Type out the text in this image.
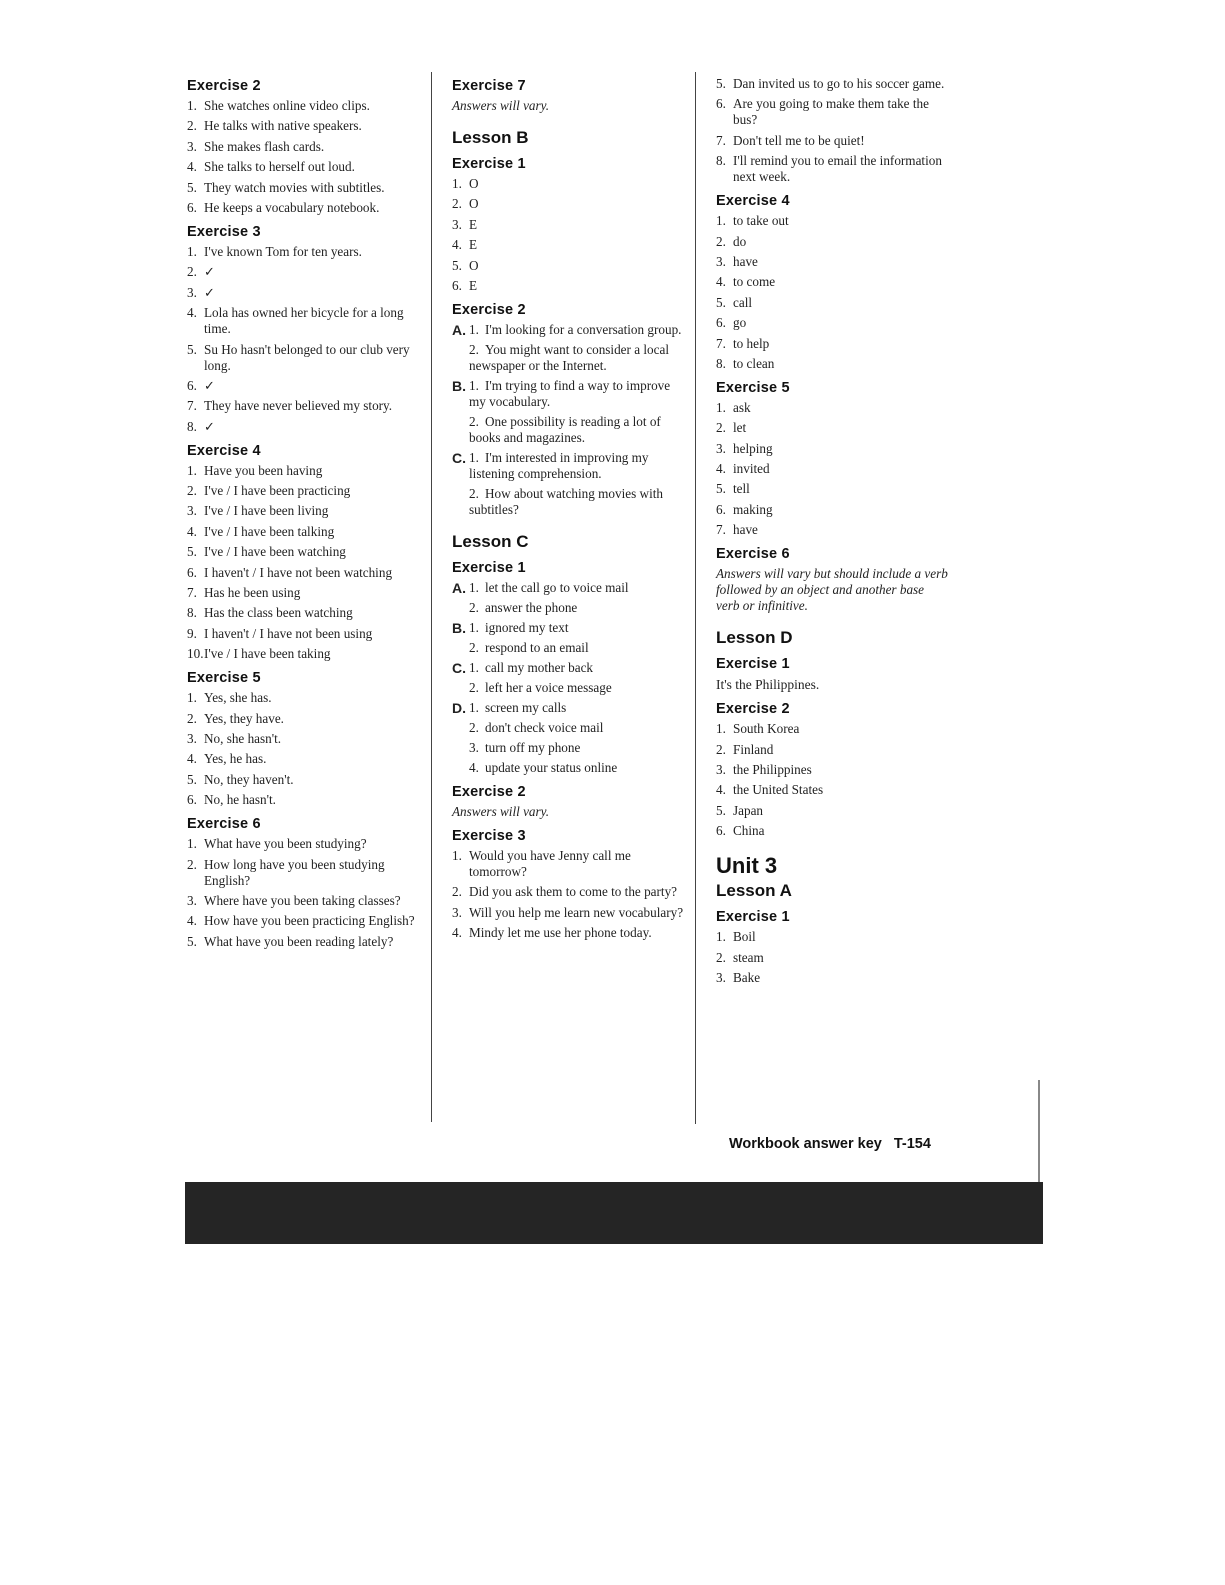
Exercise 2
1. She watches online video clips.
2. He talks with native speakers.
3. She makes flash cards.
4. She talks to herself out loud.
5. They watch movies with subtitles.
6. He keeps a vocabulary notebook.
Exercise 3
1. I've known Tom for ten years.
2. ✓
3. ✓
4. Lola has owned her bicycle for a long time.
5. Su Ho hasn't belonged to our club very long.
6. ✓
7. They have never believed my story.
8. ✓
Exercise 4
1. Have you been having
2. I've / I have been practicing
3. I've / I have been living
4. I've / I have been talking
5. I've / I have been watching
6. I haven't / I have not been watching
7. Has he been using
8. Has the class been watching
9. I haven't / I have not been using
10.I've / I have been taking
Exercise 5
1. Yes, she has.
2. Yes, they have.
3. No, she hasn't.
4. Yes, he has.
5. No, they haven't.
6. No, he hasn't.
Exercise 6
1. What have you been studying?
2. How long have you been studying English?
3. Where have you been taking classes?
4. How have you been practicing English?
5. What have you been reading lately?
Exercise 7
Answers will vary.
Lesson B
Exercise 1
1. O
2. O
3. E
4. E
5. O
6. E
Exercise 2
A. 1. I'm looking for a conversation group.
2. You might want to consider a local newspaper or the Internet.
B. 1. I'm trying to find a way to improve my vocabulary.
2. One possibility is reading a lot of books and magazines.
C. 1. I'm interested in improving my listening comprehension.
2. How about watching movies with subtitles?
Lesson C
Exercise 1
A. 1. let the call go to voice mail
2. answer the phone
B. 1. ignored my text
2. respond to an email
C. 1. call my mother back
2. left her a voice message
D. 1. screen my calls
2. don't check voice mail
3. turn off my phone
4. update your status online
Exercise 2
Answers will vary.
Exercise 3
1. Would you have Jenny call me tomorrow?
2. Did you ask them to come to the party?
3. Will you help me learn new vocabulary?
4. Mindy let me use her phone today.
5. Dan invited us to go to his soccer game.
6. Are you going to make them take the bus?
7. Don't tell me to be quiet!
8. I'll remind you to email the information next week.
Exercise 4
1. to take out
2. do
3. have
4. to come
5. call
6. go
7. to help
8. to clean
Exercise 5
1. ask
2. let
3. helping
4. invited
5. tell
6. making
7. have
Exercise 6
Answers will vary but should include a verb followed by an object and another base verb or infinitive.
Lesson D
Exercise 1
It's the Philippines.
Exercise 2
1. South Korea
2. Finland
3. the Philippines
4. the United States
5. Japan
6. China
Unit 3
Lesson A
Exercise 1
1. Boil
2. steam
3. Bake
Workbook answer key T-154
